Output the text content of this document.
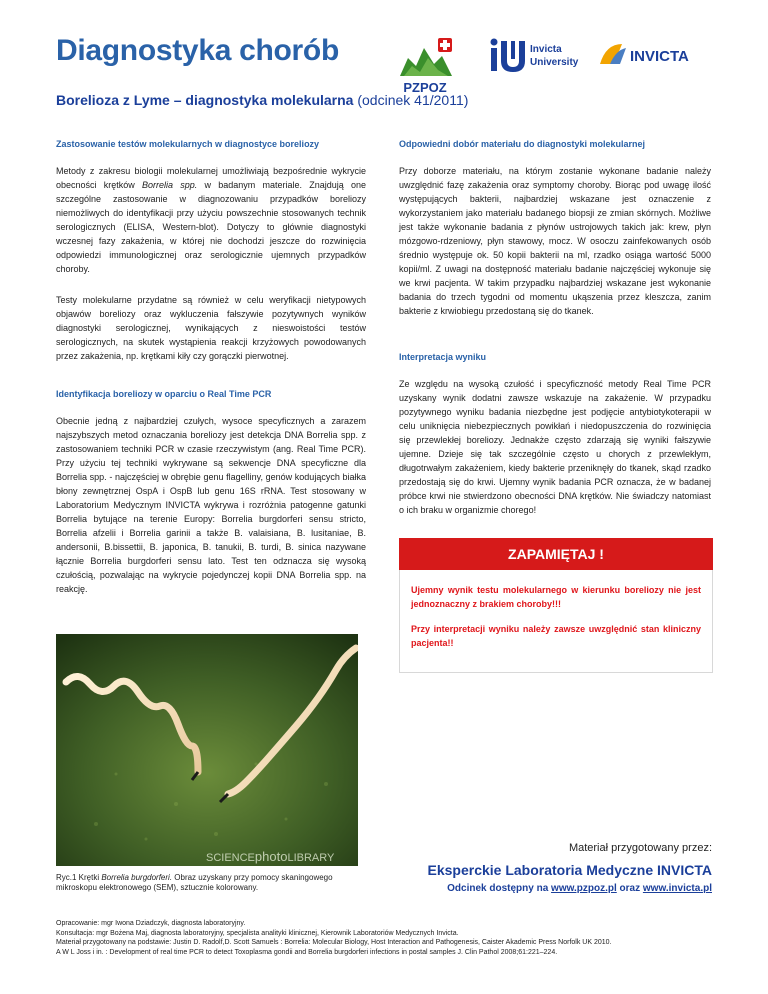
Diagnostyka chorób
PZPOZ
Invicta
University	INVICTA
Borelioza z Lyme – diagnostyka molekularna (odcinek 41/2011)
Zastosowanie testów molekularnych w diagnostyce boreliozy
Metody z zakresu biologii molekularnej umożliwiają bezpośrednie wykrycie obecności krętków Borrelia spp. w badanym materiale. Znajdują one szczególne zastosowanie w diagnozowaniu przypadków boreliozy niemożliwych do identyfikacji przy użyciu powszechnie stosowanych technik serologicznych (ELISA, Western-blot). Dotyczy to głównie diagnostyki wczesnej fazy zakażenia, w której nie dochodzi jeszcze do rozwinięcia odpowiedzi immunologicznej oraz serologicznie ujemnych przypadków choroby.
Testy molekularne przydatne są również w celu weryfikacji nietypowych objawów boreliozy oraz wykluczenia fałszywie pozytywnych wyników diagnostyki serologicznej, wynikających z nieswoistości testów serologicznych, na skutek wystąpienia reakcji krzyżowych powodowanych przez zakażenia, np. krętkami kiły czy gorączki pierwotnej.
Identyfikacja boreliozy w oparciu o Real Time PCR
Obecnie jedną z najbardziej czułych, wysoce specyficznych a zarazem najszybszych metod oznaczania boreliozy jest detekcja DNA Borrelia spp. z zastosowaniem techniki PCR w czasie rzeczywistym (ang. Real Time PCR). Przy użyciu tej techniki wykrywane są sekwencje DNA specyficzne dla Borrelia spp. - najczęściej w obrębie genu flagelliny, genów kodujących białka błony zewnętrznej OspA i OspB lub genu 16S rRNA. Test stosowany w Laboratorium Medycznym INVICTA wykrywa i rozróżnia patogenne gatunki Borrelia bytujące na terenie Europy: Borrelia burgdorferi sensu stricto, Borrelia afzelii i Borrelia garinii a także B. valaisiana, B. lusitaniae, B. andersonii, B.bissettii, B. japonica, B. tanukii, B. turdi, B. sinica nazywane łącznie Borrelia burgdorferi sensu lato. Test ten odznacza się wysoką czułością, pozwalając na wykrycie pojedynczej kopii DNA Borrelia spp. na reakcję.
Odpowiedni dobór materiału do diagnostyki molekularnej
Przy doborze materiału, na którym zostanie wykonane badanie należy uwzględnić fazę zakażenia oraz symptomy choroby. Biorąc pod uwagę ilość występujących bakterii, najbardziej wskazane jest oznaczenie z wykorzystaniem jako materiału badanego biopsji ze zmian skórnych. Możliwe jest także wykonanie badania z płynów ustrojowych takich jak: krew, płyn mózgowo-rdzeniowy, płyn stawowy, mocz. W osoczu zainfekowanych osób średnio występuje ok. 50 kopii bakterii na ml, rzadko osiąga wartość 5000 kopii/ml. Z uwagi na dostępność materiału badanie najczęściej wykonuje się we krwi pacjenta. W takim przypadku najbardziej wskazane jest wykonanie badania do trzech tygodni od momentu ukąszenia przez kleszcza, zanim bakterie z krwiobiegu przedostaną się do tkanek.
Interpretacja wyniku
Ze względu na wysoką czułość i specyficzność metody Real Time PCR uzyskany wynik dodatni zawsze wskazuje na zakażenie. W przypadku pozytywnego wyniku badania niezbędne jest podjęcie antybiotykoterapii w celu uniknięcia niebezpiecznych powikłań i niedopuszczenia do rozwinięcia się przewlekłej boreliozy. Jednakże często zdarzają się wyniki fałszywie ujemne. Dzieje się tak szczególnie często u chorych z przewlekłym, długotrwałym zakażeniem, kiedy bakterie przeniknęły do tkanek, skąd rzadko przedostają się do krwi. Ujemny wynik badania PCR oznacza, że w badanej próbce krwi nie stwierdzono obecności DNA krętków. Nie świadczy natomiast o ich braku w organizmie chorego!
ZAPAMIĘTAJ !
Ujemny wynik testu molekularnego w kierunku boreliozy nie jest jednoznaczny z brakiem choroby!!!
Przy interpretacji wyniku należy zawsze uwzględnić stan kliniczny pacjenta!!
SCIENCEphotoLIBRARY
Ryc.1 Krętki Borrelia burgdorferi. Obraz uzyskany przy pomocy skaningowego mikroskopu elektronowego (SEM), sztucznie kolorowany.
Materiał przygotowany przez:
Eksperckie Laboratoria Medyczne INVICTA
Odcinek dostępny na www.pzpoz.pl oraz www.invicta.pl
Opracowanie: mgr Iwona Dziadczyk, diagnosta laboratoryjny.
Konsultacja: mgr Bożena Maj, diagnosta laboratoryjny, specjalista analityki klinicznej, Kierownik Laboratoriów Medycznych Invicta.
Materiał przygotowany na podstawie: Justin D. Radolf,D. Scott Samuels : Borrelia: Molecular Biology, Host Interaction and Pathogenesis, Caister Akademic Press Norfolk UK 2010.
A W L Joss i in. : Development of real time PCR to detect Toxoplasma gondii and Borrelia burgdorferi infections in postal samples J. Clin Pathol 2008;61:221–224.
